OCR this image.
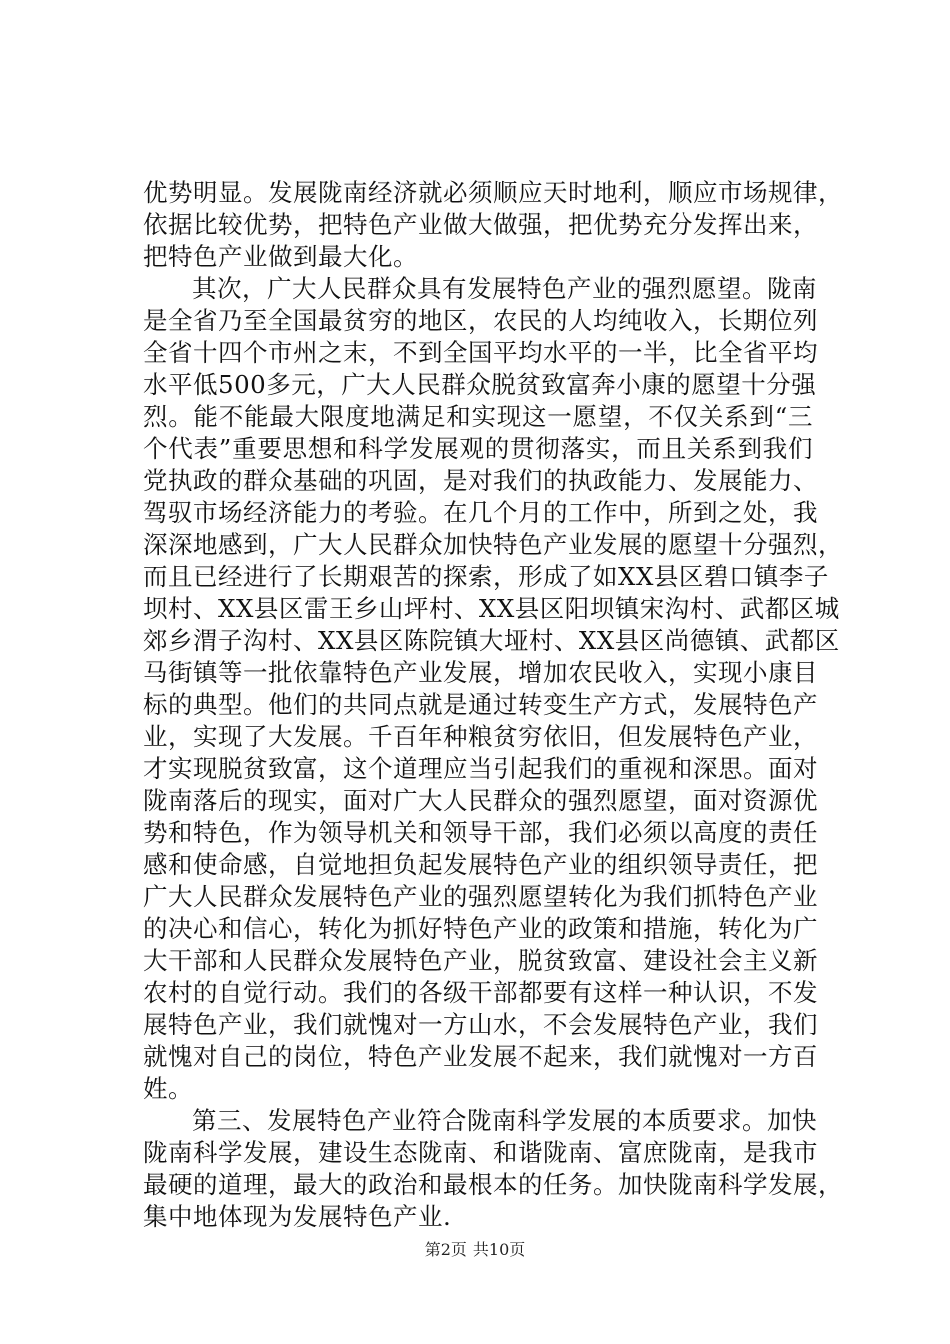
优势明显。发展陇南经济就必须顺应天时地利，顺应市场规律，
依据比较优势，把特色产业做大做强，把优势充分发挥出来，
把特色产业做到最大化。
其次，广大人民群众具有发展特色产业的强烈愿望。陇南
是全省乃至全国最贫穷的地区，农民的人均纯收入，长期位列
全省十四个市州之末，不到全国平均水平的一半，比全省平均
水平低500多元，广大人民群众脱贫致富奔小康的愿望十分强
烈。能不能最大限度地满足和实现这一愿望，不仅关系到“三
个代表”重要思想和科学发展观的贯彻落实，而且关系到我们
党执政的群众基础的巩固，是对我们的执政能力、发展能力、
驾驭市场经济能力的考验。在几个月的工作中，所到之处，我
深深地感到，广大人民群众加快特色产业发展的愿望十分强烈，
而且已经进行了长期艰苦的探索，形成了如XX县区碧口镇李子
坝村、XX县区雷王乡山坪村、XX县区阳坝镇宋沟村、武都区城
郊乡渭子沟村、XX县区陈院镇大垭村、XX县区尚德镇、武都区
马街镇等一批依靠特色产业发展，增加农民收入，实现小康目
标的典型。他们的共同点就是通过转变生产方式，发展特色产
业，实现了大发展。千百年种粮贫穷依旧，但发展特色产业，
才实现脱贫致富，这个道理应当引起我们的重视和深思。面对
陇南落后的现实，面对广大人民群众的强烈愿望，面对资源优
势和特色，作为领导机关和领导干部，我们必须以高度的责任
感和使命感，自觉地担负起发展特色产业的组织领导责任，把
广大人民群众发展特色产业的强烈愿望转化为我们抓特色产业
的决心和信心，转化为抓好特色产业的政策和措施，转化为广
大干部和人民群众发展特色产业，脱贫致富、建设社会主义新
农村的自觉行动。我们的各级干部都要有这样一种认识，不发
展特色产业，我们就愧对一方山水，不会发展特色产业，我们
就愧对自己的岗位，特色产业发展不起来，我们就愧对一方百
姓。
第三、发展特色产业符合陇南科学发展的本质要求。加快
陇南科学发展，建设生态陇南、和谐陇南、富庶陇南，是我市
最硬的道理，最大的政治和最根本的任务。加快陇南科学发展，
集中地体现为发展特色产业.
第2页 共10页
